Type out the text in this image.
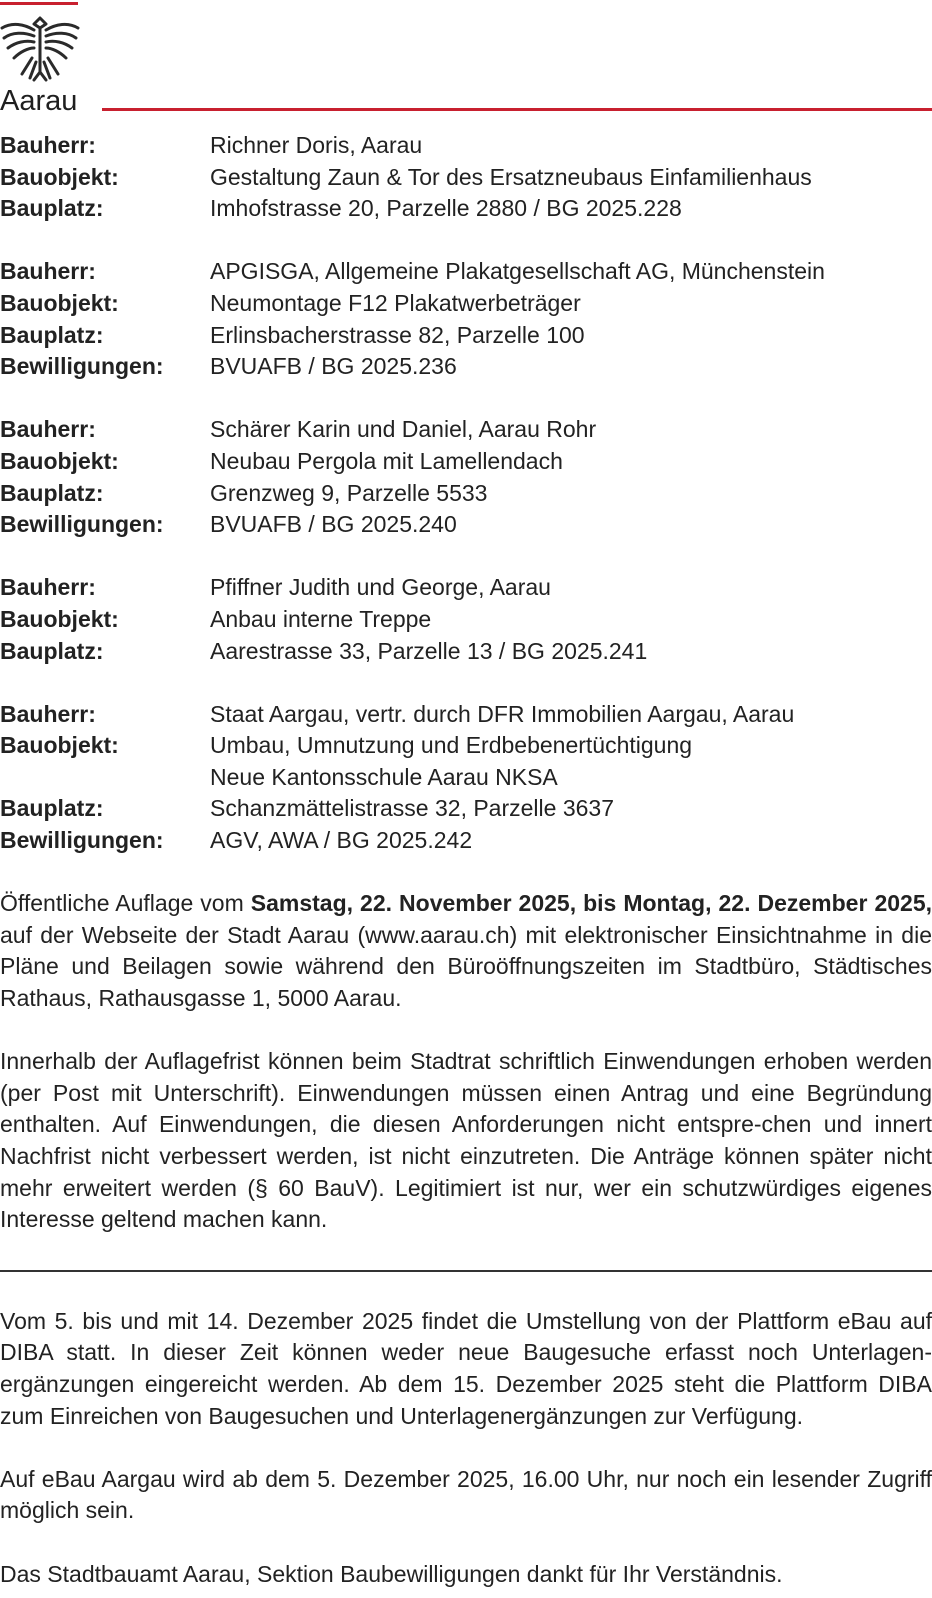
Aarau
Bauherr:	Richner Doris, Aarau
Bauobjekt:	Gestaltung Zaun & Tor des Ersatzneubaus Einfamilienhaus
Bauplatz:	Imhofstrasse 20, Parzelle 2880 / BG 2025.228
Bauherr:	APGISGA, Allgemeine Plakatgesellschaft AG, Münchenstein
Bauobjekt:	Neumontage F12 Plakatwerbeträger
Bauplatz:	Erlinsbacherstrasse 82, Parzelle 100
Bewilligungen:	BVUAFB / BG 2025.236
Bauherr:	Schärer Karin und Daniel, Aarau Rohr
Bauobjekt:	Neubau Pergola mit Lamellendach
Bauplatz:	Grenzweg 9, Parzelle 5533
Bewilligungen:	BVUAFB / BG 2025.240
Bauherr:	Pfiffner Judith und George, Aarau
Bauobjekt:	Anbau interne Treppe
Bauplatz:	Aarestrasse 33, Parzelle 13 / BG 2025.241
Bauherr:	Staat Aargau, vertr. durch DFR Immobilien Aargau, Aarau
Bauobjekt:	Umbau, Umnutzung und Erdbebenertüchtigung
Neue Kantonsschule Aarau NKSA
Bauplatz:	Schanzmättelistrasse 32, Parzelle 3637
Bewilligungen:	AGV, AWA / BG 2025.242

Öffentliche Auflage vom Samstag, 22. November 2025, bis Montag, 22. Dezember 2025, auf der Webseite der Stadt Aarau (www.aarau.ch) mit elektronischer Einsichtnahme in die Pläne und Beilagen sowie während den Büroöffnungszeiten im Stadtbüro, Städtisches Rathaus, Rathausgasse 1, 5000 Aarau.

Innerhalb der Auflagefrist können beim Stadtrat schriftlich Einwendungen erhoben werden (per Post mit Unterschrift). Einwendungen müssen einen Antrag und eine Begründung enthalten. Auf Einwendungen, die diesen Anforderungen nicht entspre-chen und innert Nachfrist nicht verbessert werden, ist nicht einzutreten. Die Anträge können später nicht mehr erweitert werden (§ 60 BauV). Legitimiert ist nur, wer ein schutzwürdiges eigenes Interesse geltend machen kann.

Vom 5. bis und mit 14. Dezember 2025 findet die Umstellung von der Plattform eBau auf DIBA statt. In dieser Zeit können weder neue Baugesuche erfasst noch Unterlagen-ergänzungen eingereicht werden. Ab dem 15. Dezember 2025 steht die Plattform DIBA zum Einreichen von Baugesuchen und Unterlagenergänzungen zur Verfügung.

Auf eBau Aargau wird ab dem 5. Dezember 2025, 16.00 Uhr, nur noch ein lesender Zugriff möglich sein.

Das Stadtbauamt Aarau, Sektion Baubewilligungen dankt für Ihr Verständnis.
